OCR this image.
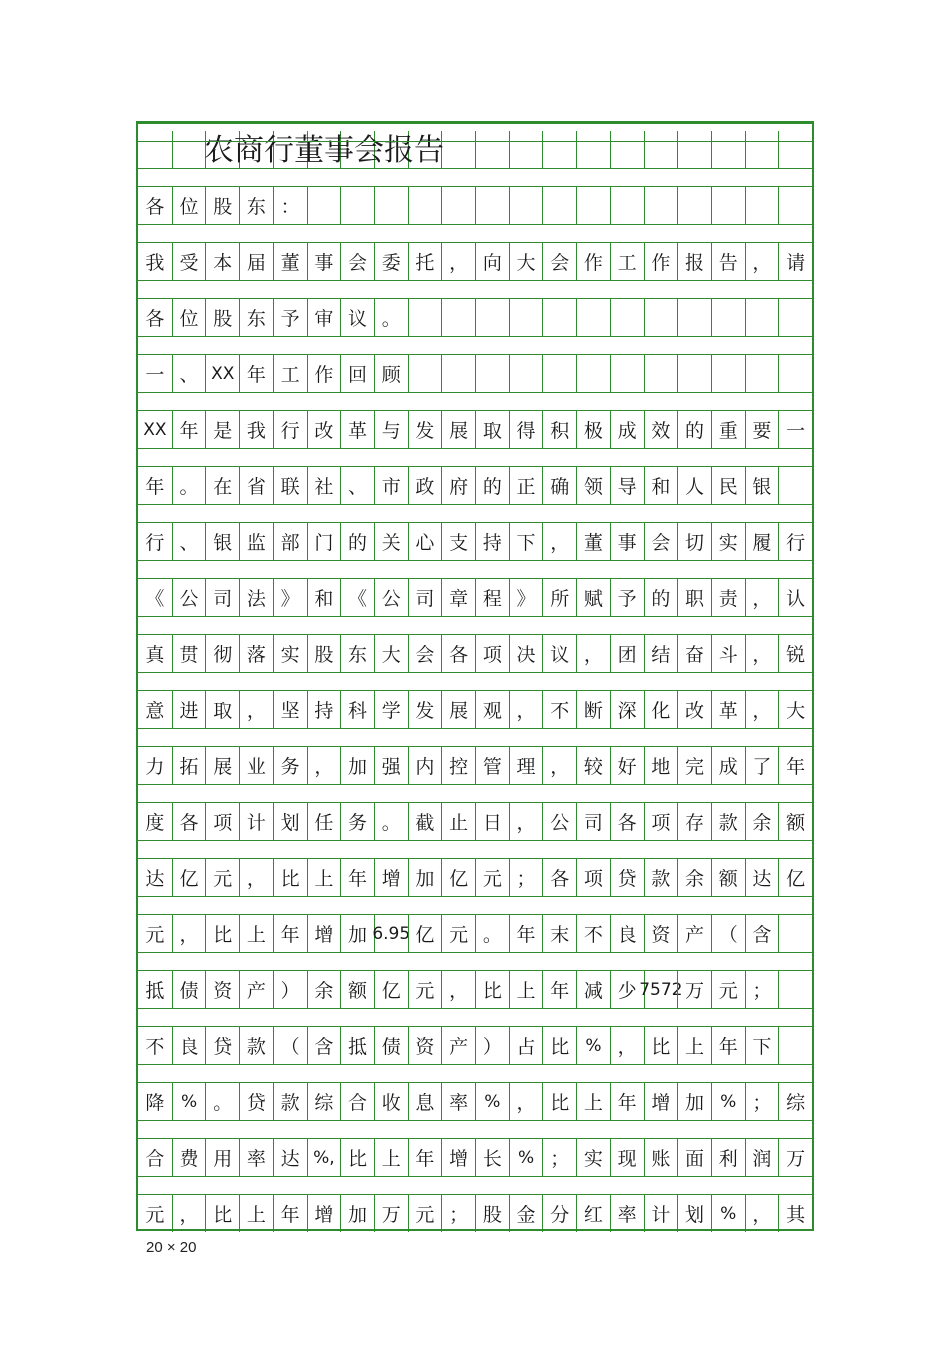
农商行董事会报告
各 位 股 东 ：
我 受 本 届 董 事 会 委 托 ， 向 大 会 作 工 作 报 告 ， 请
各 位 股 东 予 审 议 。
一 、 XX 年 工 作 回 顾
XX 年 是 我 行 改 革 与 发 展 取 得 积 极 成 效 的 重 要 一
年 。 在 省 联 社 、 市 政 府 的 正 确 领 导 和 人 民 银
行 、 银 监 部 门 的 关 心 支 持 下 ， 董 事 会 切 实 履 行
《 公 司 法 》 和 《 公 司 章 程 》 所 赋 予 的 职 责 ， 认
真 贯 彻 落 实 股 东 大 会 各 项 决 议 ， 团 结 奋 斗 ， 锐
意 进 取 ， 坚 持 科 学 发 展 观 ， 不 断 深 化 改 革 ， 大
力 拓 展 业 务 ， 加 强 内 控 管 理 ， 较 好 地 完 成 了 年
度 各 项 计 划 任 务 。 截 止 日 ， 公 司 各 项 存 款 余 额
达 亿 元 ， 比 上 年 增 加 亿 元 ； 各 项 贷 款 余 额 达 亿
元 ， 比 上 年 增 加 6.95 亿 元 。 年 末 不 良 资 产 （ 含
抵 债 资 产 ） 余 额 亿 元 ， 比 上 年 减 少 7572 万 元 ；
不 良 贷 款 （ 含 抵 债 资 产 ） 占 比 % ， 比 上 年 下
降 % 。 贷 款 综 合 收 息 率 % ， 比 上 年 增 加 % ； 综
合 费 用 率 达 %, 比 上 年 增 长 % ； 实 现 账 面 利 润 万
元 ， 比 上 年 增 加 万 元 ； 股 金 分 红 率 计 划 % ， 其
20 × 20
